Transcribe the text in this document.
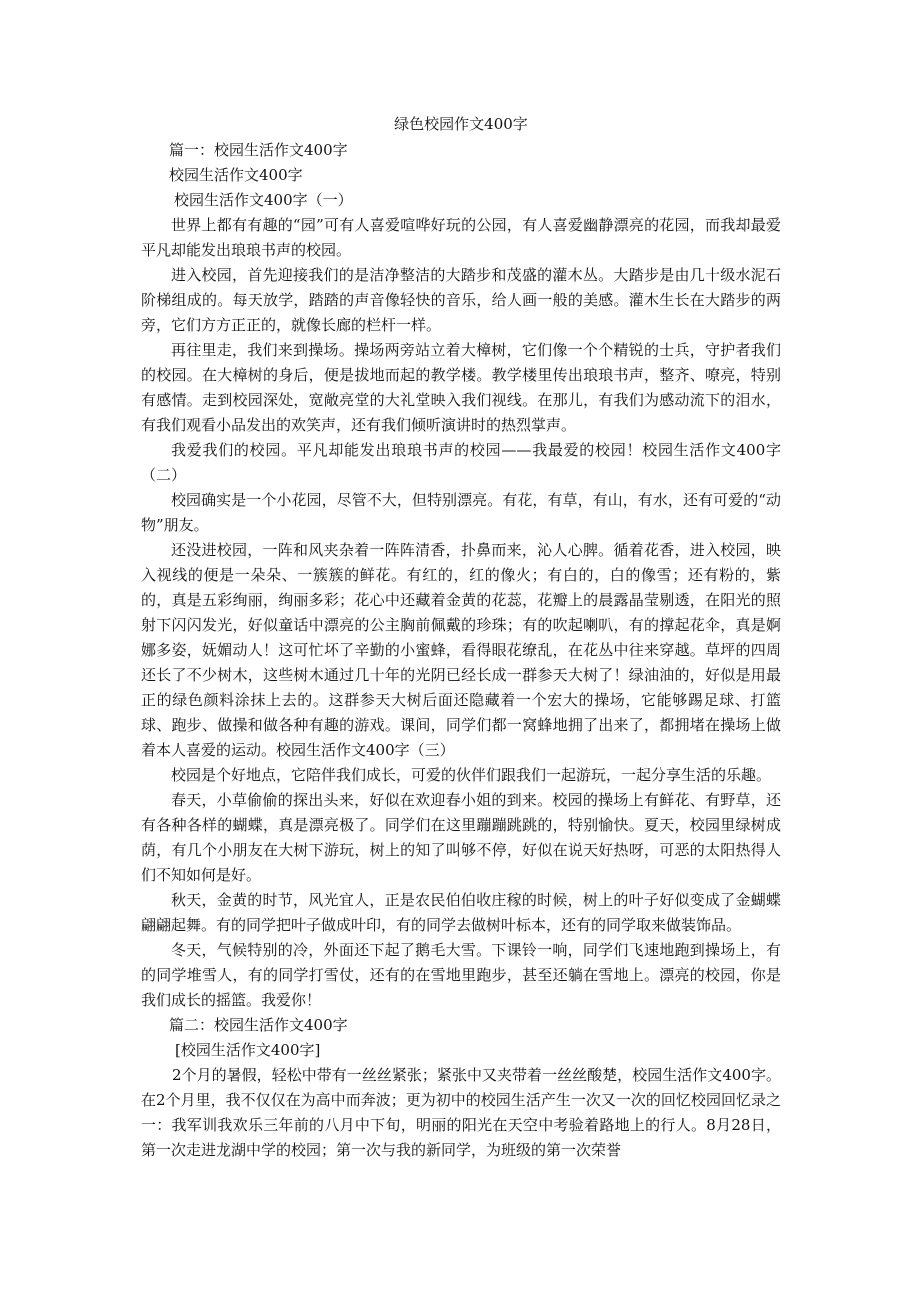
绿色校园作文400字

篇一：校园生活作文400字

校园生活作文400字

校园生活作文400字（一）

世界上都有有趣的“园”可有人喜爱喧哗好玩的公园，有人喜爱幽静漂亮的花园，而我却最爱平凡却能发出琅琅书声的校园。

进入校园，首先迎接我们的是洁净整洁的大踏步和茂盛的灌木丛。大踏步是由几十级水泥石阶梯组成的。每天放学，踏踏的声音像轻快的音乐，给人画一般的美感。灌木生长在大踏步的两旁，它们方方正正的，就像长廊的栏杆一样。

再往里走，我们来到操场。操场两旁站立着大樟树，它们像一个个精锐的士兵，守护者我们的校园。在大樟树的身后，便是拔地而起的教学楼。教学楼里传出琅琅书声，整齐、嘹亮，特别有感情。走到校园深处，宽敞亮堂的大礼堂映入我们视线。在那儿，有我们为感动流下的泪水，有我们观看小品发出的欢笑声，还有我们倾听演讲时的热烈掌声。

我爱我们的校园。平凡却能发出琅琅书声的校园——我最爱的校园！校园生活作文400字（二）

校园确实是一个小花园，尽管不大，但特别漂亮。有花，有草，有山，有水，还有可爱的“动物”朋友。

还没进校园，一阵和风夹杂着一阵阵清香，扑鼻而来，沁人心脾。循着花香，进入校园，映入视线的便是一朵朵、一簇簇的鲜花。有红的，红的像火；有白的，白的像雪；还有粉的，紫的，真是五彩绚丽，绚丽多彩；花心中还藏着金黄的花蕊，花瓣上的晨露晶莹剔透，在阳光的照射下闪闪发光，好似童话中漂亮的公主胸前佩戴的珍珠；有的吹起喇叭，有的撑起花伞，真是婀娜多姿，妩媚动人！这可忙坏了辛勤的小蜜蜂，看得眼花缭乱，在花丛中往来穿越。草坪的四周还长了不少树木，这些树木通过几十年的光阴已经长成一群参天大树了！绿油油的，好似是用最正的绿色颜料涂抹上去的。这群参天大树后面还隐藏着一个宏大的操场，它能够踢足球、打篮球、跑步、做操和做各种有趣的游戏。课间，同学们都一窝蜂地拥了出来了，都拥堵在操场上做着本人喜爱的运动。校园生活作文400字（三）

校园是个好地点，它陪伴我们成长，可爱的伙伴们跟我们一起游玩，一起分享生活的乐趣。

春天，小草偷偷的探出头来，好似在欢迎春小姐的到来。校园的操场上有鲜花、有野草，还有各种各样的蝴蝶，真是漂亮极了。同学们在这里蹦蹦跳跳的，特别愉快。夏天，校园里绿树成荫，有几个小朋友在大树下游玩，树上的知了叫够不停，好似在说天好热呀，可恶的太阳热得人们不知如何是好。

秋天，金黄的时节，风光宜人，正是农民伯伯收庄稼的时候，树上的叶子好似变成了金蝴蝶翩翩起舞。有的同学把叶子做成叶印，有的同学去做树叶标本，还有的同学取来做装饰品。

冬天，气候特别的冷，外面还下起了鹅毛大雪。下课铃一响，同学们飞速地跑到操场上，有的同学堆雪人，有的同学打雪仗，还有的在雪地里跑步，甚至还躺在雪地上。漂亮的校园，你是我们成长的摇篮。我爱你！

篇二：校园生活作文400字

[校园生活作文400字]

2个月的暑假，轻松中带有一丝丝紧张；紧张中又夹带着一丝丝酸楚，校园生活作文400字。在2个月里，我不仅仅在为高中而奔波；更为初中的校园生活产生一次又一次的回忆校园回忆录之一：我军训我欢乐三年前的八月中下旬，明丽的阳光在天空中考验着路地上的行人。8月28日，第一次走进龙湖中学的校园；第一次与我的新同学，为班级的第一次荣誉
